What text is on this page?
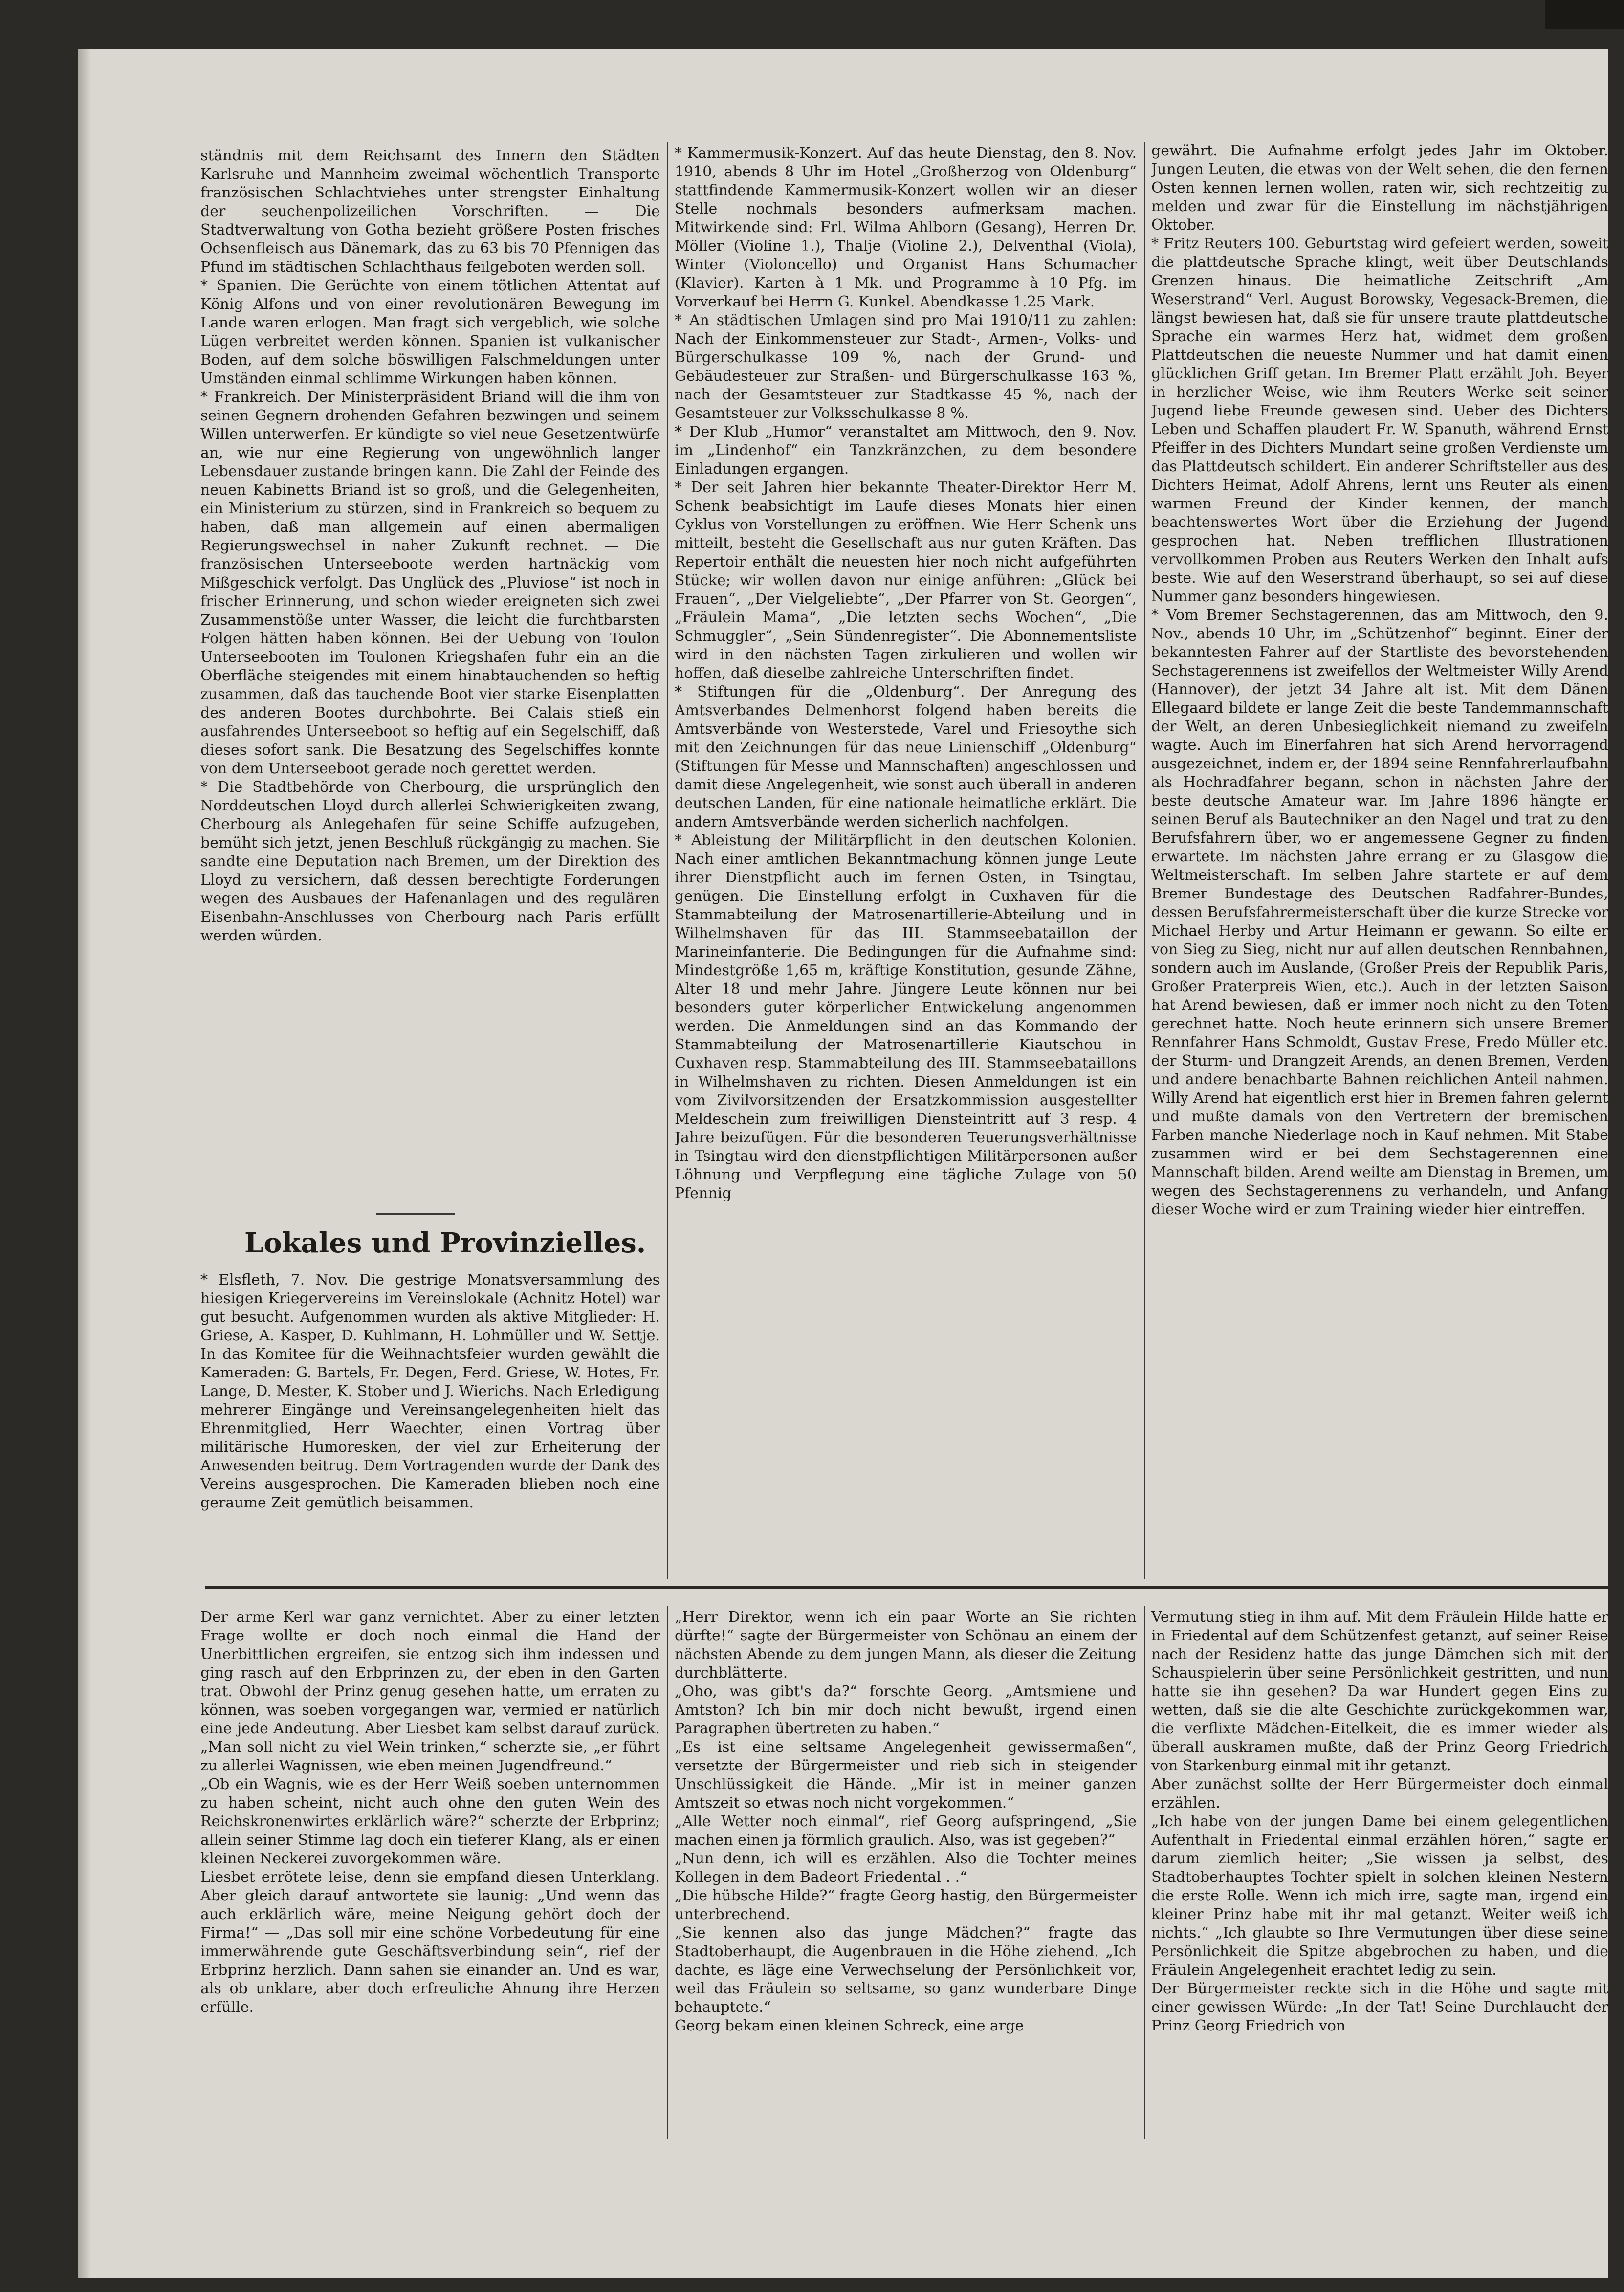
ständnis mit dem Reichsamt des Innern den Städten Karlsruhe und Mannheim zweimal wöchentlich Transporte französischen Schlachtviehes unter strengster Einhaltung der seuchenpolizeilichen Vorschriften. — Die Stadtverwaltung von Gotha bezieht größere Posten frisches Ochsenfleisch aus Dänemark, das zu 63 bis 70 Pfennigen das Pfund im städtischen Schlachthaus feilgeboten werden soll.
* Spanien. Die Gerüchte von einem tötlichen Attentat auf König Alfons und von einer revolutionären Bewegung im Lande waren erlogen. Man fragt sich vergeblich, wie solche Lügen verbreitet werden können. Spanien ist vulkanischer Boden, auf dem solche böswilligen Falschmeldungen unter Umständen einmal schlimme Wirkungen haben können.
* Frankreich. Der Ministerpräsident Briand will die ihm von seinen Gegnern drohenden Gefahren bezwingen und seinem Willen unterwerfen. Er kündigte so viel neue Gesetzentwürfe an, wie nur eine Regierung von ungewöhnlich langer Lebensdauer zustande bringen kann. Die Zahl der Feinde des neuen Kabinetts Briand ist so groß, und die Gelegenheiten, ein Ministerium zu stürzen, sind in Frankreich so bequem zu haben, daß man allgemein auf einen abermaligen Regierungswechsel in naher Zukunft rechnet. — Die französischen Unterseeboote werden hartnäckig vom Mißgeschick verfolgt. Das Unglück des „Pluviose“ ist noch in frischer Erinnerung, und schon wieder ereigneten sich zwei Zusammenstöße unter Wasser, die leicht die furchtbarsten Folgen hätten haben können. Bei der Uebung von Toulon Unterseebooten im Toulonen Kriegshafen fuhr ein an die Oberfläche steigendes mit einem hinabtauchenden so heftig zusammen, daß das tauchende Boot vier starke Eisenplatten des anderen Bootes durchbohrte. Bei Calais stieß ein ausfahrendes Unterseeboot so heftig auf ein Segelschiff, daß dieses sofort sank. Die Besatzung des Segelschiffes konnte von dem Unterseeboot gerade noch gerettet werden.
* Die Stadtbehörde von Cherbourg, die ursprünglich den Norddeutschen Lloyd durch allerlei Schwierigkeiten zwang, Cherbourg als Anlegehafen für seine Schiffe aufzugeben, bemüht sich jetzt, jenen Beschluß rückgängig zu machen. Sie sandte eine Deputation nach Bremen, um der Direktion des Lloyd zu versichern, daß dessen berechtigte Forderungen wegen des Ausbaues der Hafenanlagen und des regulären Eisenbahn-Anschlusses von Cherbourg nach Paris erfüllt werden würden.
Lokales und Provinzielles.
* Elsfleth, 7. Nov. Die gestrige Monatsversammlung des hiesigen Kriegervereins im Vereinslokale (Achnitz Hotel) war gut besucht. Aufgenommen wurden als aktive Mitglieder: H. Griese, A. Kasper, D. Kuhlmann, H. Lohmüller und W. Settje. In das Komitee für die Weihnachtsfeier wurden gewählt die Kameraden: G. Bartels, Fr. Degen, Ferd. Griese, W. Hotes, Fr. Lange, D. Mester, K. Stober und J. Wierichs. Nach Erledigung mehrerer Eingänge und Vereinsangelegenheiten hielt das Ehrenmitglied, Herr Waechter, einen Vortrag über militärische Humoresken, der viel zur Erheiterung der Anwesenden beitrug. Dem Vortragenden wurde der Dank des Vereins ausgesprochen. Die Kameraden blieben noch eine geraume Zeit gemütlich beisammen.
* Kammermusik-Konzert. Auf das heute Dienstag, den 8. Nov. 1910, abends 8 Uhr im Hotel „Großherzog von Oldenburg“ stattfindende Kammermusik-Konzert wollen wir an dieser Stelle nochmals besonders aufmerksam machen. Mitwirkende sind: Frl. Wilma Ahlborn (Gesang), Herren Dr. Möller (Violine 1.), Thalje (Violine 2.), Delventhal (Viola), Winter (Violoncello) und Organist Hans Schumacher (Klavier). Karten à 1 Mk. und Programme à 10 Pfg. im Vorverkauf bei Herrn G. Kunkel. Abendkasse 1.25 Mark.
* An städtischen Umlagen sind pro Mai 1910/11 zu zahlen: Nach der Einkommensteuer zur Stadt-, Armen-, Volks- und Bürgerschulkasse 109 %, nach der Grund- und Gebäudesteuer zur Straßen- und Bürgerschulkasse 163 %, nach der Gesamtsteuer zur Stadtkasse 45 %, nach der Gesamtsteuer zur Volksschulkasse 8 %.
* Der Klub „Humor“ veranstaltet am Mittwoch, den 9. Nov. im „Lindenhof“ ein Tanzkränzchen, zu dem besondere Einladungen ergangen.
* Der seit Jahren hier bekannte Theater-Direktor Herr M. Schenk beabsichtigt im Laufe dieses Monats hier einen Cyklus von Vorstellungen zu eröffnen. Wie Herr Schenk uns mitteilt, besteht die Gesellschaft aus nur guten Kräften. Das Repertoir enthält die neuesten hier noch nicht aufgeführten Stücke; wir wollen davon nur einige anführen: „Glück bei Frauen“, „Der Vielgeliebte“, „Der Pfarrer von St. Georgen“, „Fräulein Mama“, „Die letzten sechs Wochen“, „Die Schmuggler“, „Sein Sündenregister“. Die Abonnementsliste wird in den nächsten Tagen zirkulieren und wollen wir hoffen, daß dieselbe zahlreiche Unterschriften findet.
* Stiftungen für die „Oldenburg“. Der Anregung des Amtsverbandes Delmenhorst folgend haben bereits die Amtsverbände von Westerstede, Varel und Friesoythe sich mit den Zeichnungen für das neue Linienschiff „Oldenburg“ (Stiftungen für Messe und Mannschaften) angeschlossen und damit diese Angelegenheit, wie sonst auch überall in anderen deutschen Landen, für eine nationale heimatliche erklärt. Die andern Amtsverbände werden sicherlich nachfolgen.
* Ableistung der Militärpflicht in den deutschen Kolonien. Nach einer amtlichen Bekanntmachung können junge Leute ihrer Dienstpflicht auch im fernen Osten, in Tsingtau, genügen. Die Einstellung erfolgt in Cuxhaven für die Stammabteilung der Matrosenartillerie-Abteilung und in Wilhelmshaven für das III. Stammseebataillon der Marineinfanterie. Die Bedingungen für die Aufnahme sind: Mindestgröße 1,65 m, kräftige Konstitution, gesunde Zähne, Alter 18 und mehr Jahre. Jüngere Leute können nur bei besonders guter körperlicher Entwickelung angenommen werden. Die Anmeldungen sind an das Kommando der Stammabteilung der Matrosenartillerie Kiautschou in Cuxhaven resp. Stammabteilung des III. Stammseebataillons in Wilhelmshaven zu richten. Diesen Anmeldungen ist ein vom Zivilvorsitzenden der Ersatzkommission ausgestellter Meldeschein zum freiwilligen Diensteintritt auf 3 resp. 4 Jahre beizufügen. Für die besonderen Teuerungsverhältnisse in Tsingtau wird den dienstpflichtigen Militärpersonen außer Löhnung und Verpflegung eine tägliche Zulage von 50 Pfennig
gewährt. Die Aufnahme erfolgt jedes Jahr im Oktober. Jungen Leuten, die etwas von der Welt sehen, die den fernen Osten kennen lernen wollen, raten wir, sich rechtzeitig zu melden und zwar für die Einstellung im nächstjährigen Oktober.
* Fritz Reuters 100. Geburtstag wird gefeiert werden, soweit die plattdeutsche Sprache klingt, weit über Deutschlands Grenzen hinaus. Die heimatliche Zeitschrift „Am Weserstrand“ Verl. August Borowsky, Vegesack-Bremen, die längst bewiesen hat, daß sie für unsere traute plattdeutsche Sprache ein warmes Herz hat, widmet dem großen Plattdeutschen die neueste Nummer und hat damit einen glücklichen Griff getan. Im Bremer Platt erzählt Joh. Beyer in herzlicher Weise, wie ihm Reuters Werke seit seiner Jugend liebe Freunde gewesen sind. Ueber des Dichters Leben und Schaffen plaudert Fr. W. Spanuth, während Ernst Pfeiffer in des Dichters Mundart seine großen Verdienste um das Plattdeutsch schildert. Ein anderer Schriftsteller aus des Dichters Heimat, Adolf Ahrens, lernt uns Reuter als einen warmen Freund der Kinder kennen, der manch beachtenswertes Wort über die Erziehung der Jugend gesprochen hat. Neben trefflichen Illustrationen vervollkommen Proben aus Reuters Werken den Inhalt aufs beste. Wie auf den Weserstrand überhaupt, so sei auf diese Nummer ganz besonders hingewiesen.
* Vom Bremer Sechstagerennen, das am Mittwoch, den 9. Nov., abends 10 Uhr, im „Schützenhof“ beginnt. Einer der bekanntesten Fahrer auf der Startliste des bevorstehenden Sechstagerennens ist zweifellos der Weltmeister Willy Arend (Hannover), der jetzt 34 Jahre alt ist. Mit dem Dänen Ellegaard bildete er lange Zeit die beste Tandemmannschaft der Welt, an deren Unbesieglichkeit niemand zu zweifeln wagte. Auch im Einerfahren hat sich Arend hervorragend ausgezeichnet, indem er, der 1894 seine Rennfahrerlaufbahn als Hochradfahrer begann, schon in nächsten Jahre der beste deutsche Amateur war. Im Jahre 1896 hängte er seinen Beruf als Bautechniker an den Nagel und trat zu den Berufsfahrern über, wo er angemessene Gegner zu finden erwartete. Im nächsten Jahre errang er zu Glasgow die Weltmeisterschaft. Im selben Jahre startete er auf dem Bremer Bundestage des Deutschen Radfahrer-Bundes, dessen Berufsfahrermeisterschaft über die kurze Strecke vor Michael Herby und Artur Heimann er gewann. So eilte er von Sieg zu Sieg, nicht nur auf allen deutschen Rennbahnen, sondern auch im Auslande, (Großer Preis der Republik Paris, Großer Praterpreis Wien, etc.). Auch in der letzten Saison hat Arend bewiesen, daß er immer noch nicht zu den Toten gerechnet hatte. Noch heute erinnern sich unsere Bremer Rennfahrer Hans Schmoldt, Gustav Frese, Fredo Müller etc. der Sturm- und Drangzeit Arends, an denen Bremen, Verden und andere benachbarte Bahnen reichlichen Anteil nahmen. Willy Arend hat eigentlich erst hier in Bremen fahren gelernt und mußte damals von den Vertretern der bremischen Farben manche Niederlage noch in Kauf nehmen. Mit Stabe zusammen wird er bei dem Sechstagerennen eine Mannschaft bilden. Arend weilte am Dienstag in Bremen, um wegen des Sechstagerennens zu verhandeln, und Anfang dieser Woche wird er zum Training wieder hier eintreffen.
Der arme Kerl war ganz vernichtet. Aber zu einer letzten Frage wollte er doch noch einmal die Hand der Unerbittlichen ergreifen, sie entzog sich ihm indessen und ging rasch auf den Erbprinzen zu, der eben in den Garten trat. Obwohl der Prinz genug gesehen hatte, um erraten zu können, was soeben vorgegangen war, vermied er natürlich eine jede Andeutung. Aber Liesbet kam selbst darauf zurück. „Man soll nicht zu viel Wein trinken,“ scherzte sie, „er führt zu allerlei Wagnissen, wie eben meinen Jugendfreund.“
„Ob ein Wagnis, wie es der Herr Weiß soeben unternommen zu haben scheint, nicht auch ohne den guten Wein des Reichskronenwirtes erklärlich wäre?“ scherzte der Erbprinz; allein seiner Stimme lag doch ein tieferer Klang, als er einen kleinen Neckerei zuvorgekommen wäre.
Liesbet errötete leise, denn sie empfand diesen Unterklang. Aber gleich darauf antwortete sie launig: „Und wenn das auch erklärlich wäre, meine Neigung gehört doch der Firma!“ — „Das soll mir eine schöne Vorbedeutung für eine immerwährende gute Geschäftsverbindung sein“, rief der Erbprinz herzlich. Dann sahen sie einander an. Und es war, als ob unklare, aber doch erfreuliche Ahnung ihre Herzen erfülle.
„Herr Direktor, wenn ich ein paar Worte an Sie richten dürfte!“ sagte der Bürgermeister von Schönau an einem der nächsten Abende zu dem jungen Mann, als dieser die Zeitung durchblätterte.
„Oho, was gibt's da?“ forschte Georg. „Amtsmiene und Amtston? Ich bin mir doch nicht bewußt, irgend einen Paragraphen übertreten zu haben.“
„Es ist eine seltsame Angelegenheit gewissermaßen“, versetzte der Bürgermeister und rieb sich in steigender Unschlüssigkeit die Hände. „Mir ist in meiner ganzen Amtszeit so etwas noch nicht vorgekommen.“
„Alle Wetter noch einmal“, rief Georg aufspringend, „Sie machen einen ja förmlich graulich. Also, was ist gegeben?“
„Nun denn, ich will es erzählen. Also die Tochter meines Kollegen in dem Badeort Friedental . .“
„Die hübsche Hilde?“ fragte Georg hastig, den Bürgermeister unterbrechend.
„Sie kennen also das junge Mädchen?“ fragte das Stadtoberhaupt, die Augenbrauen in die Höhe ziehend. „Ich dachte, es läge eine Verwechselung der Persönlichkeit vor, weil das Fräulein so seltsame, so ganz wunderbare Dinge behauptete.“
Georg bekam einen kleinen Schreck, eine arge
Vermutung stieg in ihm auf. Mit dem Fräulein Hilde hatte er in Friedental auf dem Schützenfest getanzt, auf seiner Reise nach der Residenz hatte das junge Dämchen sich mit der Schauspielerin über seine Persönlichkeit gestritten, und nun hatte sie ihn gesehen? Da war Hundert gegen Eins zu wetten, daß sie die alte Geschichte zurückgekommen war, die verflixte Mädchen-Eitelkeit, die es immer wieder als überall auskramen mußte, daß der Prinz Georg Friedrich von Starkenburg einmal mit ihr getanzt.
Aber zunächst sollte der Herr Bürgermeister doch einmal erzählen.
„Ich habe von der jungen Dame bei einem gelegentlichen Aufenthalt in Friedental einmal erzählen hören,“ sagte er darum ziemlich heiter; „Sie wissen ja selbst, des Stadtoberhauptes Tochter spielt in solchen kleinen Nestern die erste Rolle. Wenn ich mich irre, sagte man, irgend ein kleiner Prinz habe mit ihr mal getanzt. Weiter weiß ich nichts.“ „Ich glaubte so Ihre Vermutungen über diese seine Persönlichkeit die Spitze abgebrochen zu haben, und die Fräulein Angelegenheit erachtet ledig zu sein.
Der Bürgermeister reckte sich in die Höhe und sagte mit einer gewissen Würde: „In der Tat! Seine Durchlaucht der Prinz Georg Friedrich von
